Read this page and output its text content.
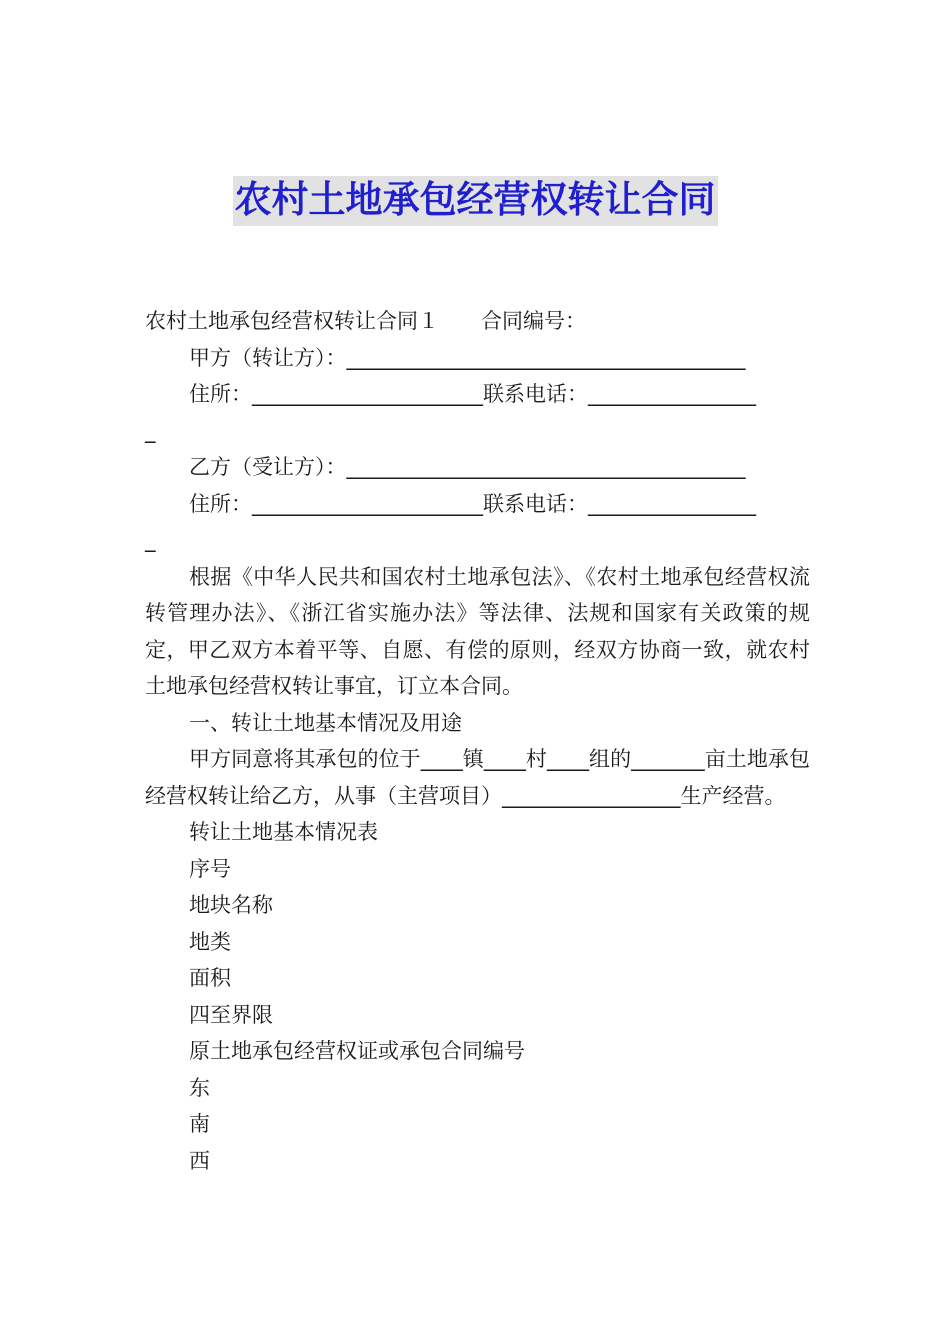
农村土地承包经营权转让合同
农村土地承包经营权转让合同１　　合同编号：
甲方（转让方）：______________________________________
住所：______________________联系电话：________________
_
乙方（受让方）：______________________________________
住所：______________________联系电话：________________
_
根据《中华人民共和国农村土地承包法》、《农村土地承包经营权流转管理办法》、《浙江省实施办法》等法律、法规和国家有关政策的规定，甲乙双方本着平等、自愿、有偿的原则，经双方协商一致，就农村土地承包经营权转让事宜，订立本合同。
一、转让土地基本情况及用途
甲方同意将其承包的位于____镇____村____组的_______亩土地承包经营权转让给乙方，从事（主营项目）_________________生产经营。
转让土地基本情况表
序号
地块名称
地类
面积
四至界限
原土地承包经营权证或承包合同编号
东
南
西
